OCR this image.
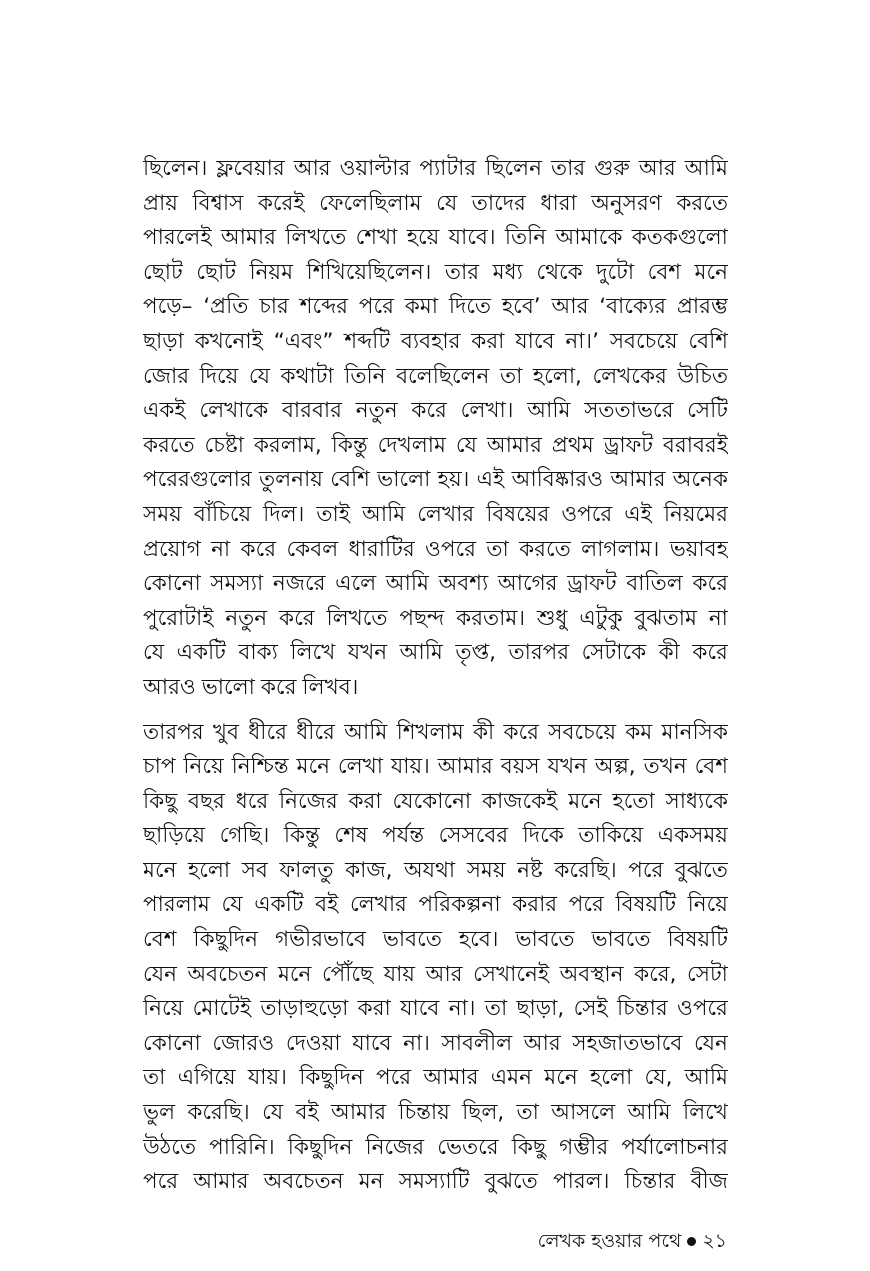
ছিলেন। ফ্লবেয়ার আর ওয়াল্টার প্যাটার ছিলেন তার গুরু আর আমি
প্রায় বিশ্বাস করেই ফেলেছিলাম যে তাদের ধারা অনুসরণ করতে
পারলেই আমার লিখতে শেখা হয়ে যাবে। তিনি আমাকে কতকগুলো
ছোট ছোট নিয়ম শিখিয়েছিলেন। তার মধ্য থেকে দুটো বেশ মনে
পড়ে– ‘প্রতি চার শব্দের পরে কমা দিতে হবে’ আর ‘বাক্যের প্রারম্ভ
ছাড়া কখনোই “এবং” শব্দটি ব্যবহার করা যাবে না।’ সবচেয়ে বেশি
জোর দিয়ে যে কথাটা তিনি বলেছিলেন তা হলো, লেখকের উচিত
একই লেখাকে বারবার নতুন করে লেখা। আমি সততাভরে সেটি
করতে চেষ্টা করলাম, কিন্তু দেখলাম যে আমার প্রথম ড্রাফট বরাবরই
পরেরগুলোর তুলনায় বেশি ভালো হয়। এই আবিষ্কারও আমার অনেক
সময় বাঁচিয়ে দিল। তাই আমি লেখার বিষয়ের ওপরে এই নিয়মের
প্রয়োগ না করে কেবল ধারাটির ওপরে তা করতে লাগলাম। ভয়াবহ
কোনো সমস্যা নজরে এলে আমি অবশ্য আগের ড্রাফট বাতিল করে
পুরোটাই নতুন করে লিখতে পছন্দ করতাম। শুধু এটুকু বুঝতাম না
যে একটি বাক্য লিখে যখন আমি তৃপ্ত, তারপর সেটাকে কী করে
আরও ভালো করে লিখব।
তারপর খুব ধীরে ধীরে আমি শিখলাম কী করে সবচেয়ে কম মানসিক
চাপ নিয়ে নিশ্চিন্ত মনে লেখা যায়। আমার বয়স যখন অল্প, তখন বেশ
কিছু বছর ধরে নিজের করা যেকোনো কাজকেই মনে হতো সাধ্যকে
ছাড়িয়ে গেছি। কিন্তু শেষ পর্যন্ত সেসবের দিকে তাকিয়ে একসময়
মনে হলো সব ফালতু কাজ, অযথা সময় নষ্ট করেছি। পরে বুঝতে
পারলাম যে একটি বই লেখার পরিকল্পনা করার পরে বিষয়টি নিয়ে
বেশ কিছুদিন গভীরভাবে ভাবতে হবে। ভাবতে ভাবতে বিষয়টি
যেন অবচেতন মনে পৌঁছে যায় আর সেখানেই অবস্থান করে, সেটা
নিয়ে মোটেই তাড়াহুড়ো করা যাবে না। তা ছাড়া, সেই চিন্তার ওপরে
কোনো জোরও দেওয়া যাবে না। সাবলীল আর সহজাতভাবে যেন
তা এগিয়ে যায়। কিছুদিন পরে আমার এমন মনে হলো যে, আমি
ভুল করেছি। যে বই আমার চিন্তায় ছিল, তা আসলে আমি লিখে
উঠতে পারিনি। কিছুদিন নিজের ভেতরে কিছু গম্ভীর পর্যালোচনার
পরে আমার অবচেতন মন সমস্যাটি বুঝতে পারল। চিন্তার বীজ
লেখক হওয়ার পথে ২১
